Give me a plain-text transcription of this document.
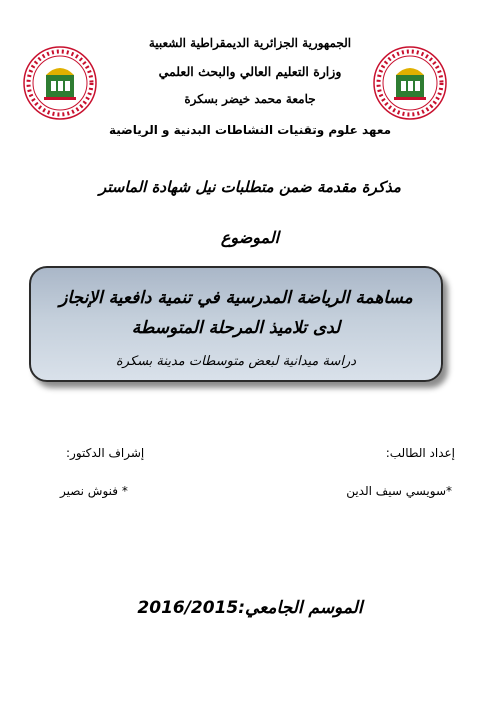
الجمهورية الجزائرية الديمقراطية الشعبية
وزارة التعليم العالي والبحث العلمي
جامعة محمد خيضر بسكرة
معهد علوم وتقنيات النشاطات البدنية و الرياضية
مذكرة مقدمة ضمن متطلبات نيل شهادة الماستر
الموضوع
مساهمة الرياضة المدرسية في تنمية دافعية الإنجاز
لدى تلاميذ المرحلة المتوسطة
دراسة ميدانية لبعض متوسطات مدينة بسكرة
إعداد الطالب:
*سويسي سيف الدين
إشراف الدكتور:
* فنوش نصير
الموسم الجامعي:2016/2015
